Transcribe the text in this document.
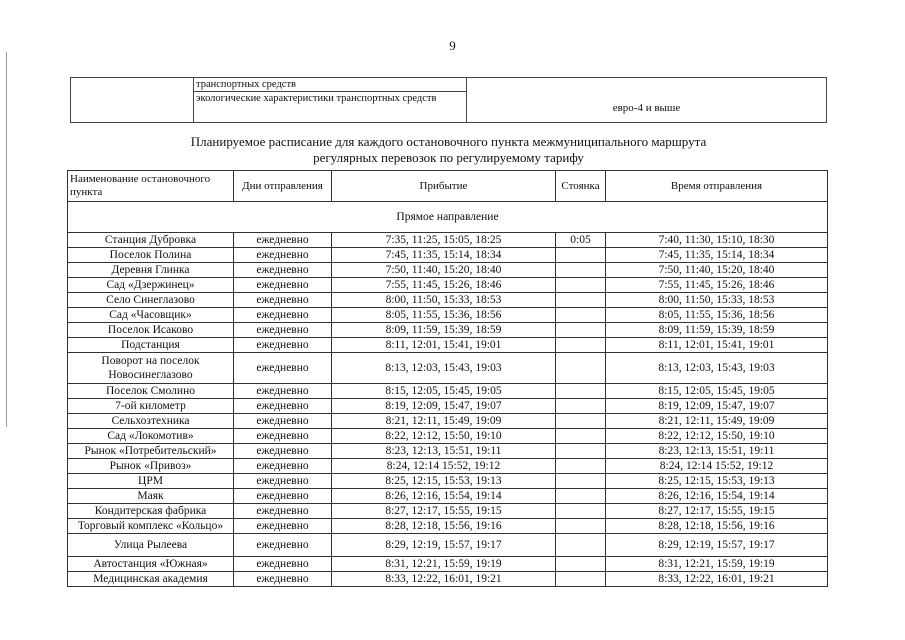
9
	транспортных средств	евро-4 и выше
экологические характеристики транспортных средств
Планируемое расписание для каждого остановочного пункта межмуниципального маршрута
регулярных перевозок по регулируемому тарифу
Наименование остановочного пункта	Дни отправления	Прибытие	Стоянка	Время отправления
Прямое направление				
Станция Дубровка	ежедневно	7:35, 11:25, 15:05, 18:25	0:05	7:40, 11:30, 15:10, 18:30
Поселок Полина	ежедневно	7:45, 11:35, 15:14, 18:34		7:45, 11:35, 15:14, 18:34
Деревня Глинка	ежедневно	7:50, 11:40, 15:20, 18:40		7:50, 11:40, 15:20, 18:40
Сад «Дзержинец»	ежедневно	7:55, 11:45, 15:26, 18:46		7:55, 11:45, 15:26, 18:46
Село Синеглазово	ежедневно	8:00, 11:50, 15:33, 18:53		8:00, 11:50, 15:33, 18:53
Сад «Часовщик»	ежедневно	8:05, 11:55, 15:36, 18:56		8:05, 11:55, 15:36, 18:56
Поселок Исаково	ежедневно	8:09, 11:59, 15:39, 18:59		8:09, 11:59, 15:39, 18:59
Подстанция	ежедневно	8:11, 12:01, 15:41, 19:01		8:11, 12:01, 15:41, 19:01
Поворот на поселок Новосинеглазово	ежедневно	8:13, 12:03, 15:43, 19:03		8:13, 12:03, 15:43, 19:03
Поселок Смолино	ежедневно	8:15, 12:05, 15:45, 19:05		8:15, 12:05, 15:45, 19:05
7-ой километр	ежедневно	8:19, 12:09, 15:47, 19:07		8:19, 12:09, 15:47, 19:07
Сельхозтехника	ежедневно	8:21, 12:11, 15:49, 19:09		8:21, 12:11, 15:49, 19:09
Сад «Локомотив»	ежедневно	8:22, 12:12, 15:50, 19:10		8:22, 12:12, 15:50, 19:10
Рынок «Потребительский»	ежедневно	8:23, 12:13, 15:51, 19:11		8:23, 12:13, 15:51, 19:11
Рынок «Привоз»	ежедневно	8:24, 12:14 15:52, 19:12		8:24, 12:14 15:52, 19:12
ЦРМ	ежедневно	8:25, 12:15, 15:53, 19:13		8:25, 12:15, 15:53, 19:13
Маяк	ежедневно	8:26, 12:16, 15:54, 19:14		8:26, 12:16, 15:54, 19:14
Кондитерская фабрика	ежедневно	8:27, 12:17, 15:55, 19:15		8:27, 12:17, 15:55, 19:15
Торговый комплекс «Кольцо»	ежедневно	8:28, 12:18, 15:56, 19:16		8:28, 12:18, 15:56, 19:16
Улица Рылеева	ежедневно	8:29, 12:19, 15:57, 19:17		8:29, 12:19, 15:57, 19:17
Автостанция «Южная»	ежедневно	8:31, 12:21, 15:59, 19:19		8:31, 12:21, 15:59, 19:19
Медицинская академия	ежедневно	8:33, 12:22, 16:01, 19:21		8:33, 12:22, 16:01, 19:21
